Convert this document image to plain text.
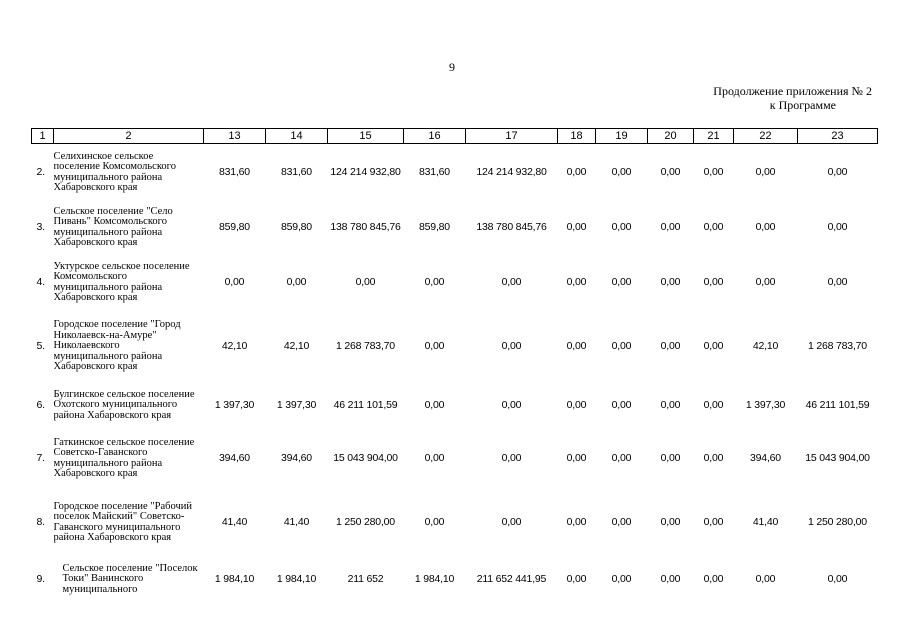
9
Продолжение приложения № 2
к Программе
1	2	13	14	15	16	17	18	19	20	21	22	23
2.	Селихинское сельское поселение Комсомольского муниципального района Хабаровского края	831,60	831,60	124 214 932,80	831,60	124 214 932,80	0,00	0,00	0,00	0,00	0,00	0,00
3.	Сельское поселение "Село Пивань" Комсомольского муниципального района Хабаровского края	859,80	859,80	138 780 845,76	859,80	138 780 845,76	0,00	0,00	0,00	0,00	0,00	0,00
4.	Уктурское сельское поселение Комсомольского муниципального района Хабаровского края	0,00	0,00	0,00	0,00	0,00	0,00	0,00	0,00	0,00	0,00	0,00
5.	Городское поселение "Город Николаевск-на-Амуре" Николаевского муниципального района Хабаровского края	42,10	42,10	1 268 783,70	0,00	0,00	0,00	0,00	0,00	0,00	42,10	1 268 783,70
6.	Булгинское сельское поселение Охотского муниципального района Хабаровского края	1 397,30	1 397,30	46 211 101,59	0,00	0,00	0,00	0,00	0,00	0,00	1 397,30	46 211 101,59
7.	Гаткинское сельское поселение Советско-Гаванского муниципального района Хабаровского края	394,60	394,60	15 043 904,00	0,00	0,00	0,00	0,00	0,00	0,00	394,60	15 043 904,00
8.	Городское поселение "Рабочий поселок Майский" Советско-Гаванского муниципального района Хабаровского края	41,40	41,40	1 250 280,00	0,00	0,00	0,00	0,00	0,00	0,00	41,40	1 250 280,00
9.	Сельское поселение "Поселок Токи" Ванинского муниципального	1 984,10	1 984,10	211 652	1 984,10	211 652 441,95	0,00	0,00	0,00	0,00	0,00	0,00
